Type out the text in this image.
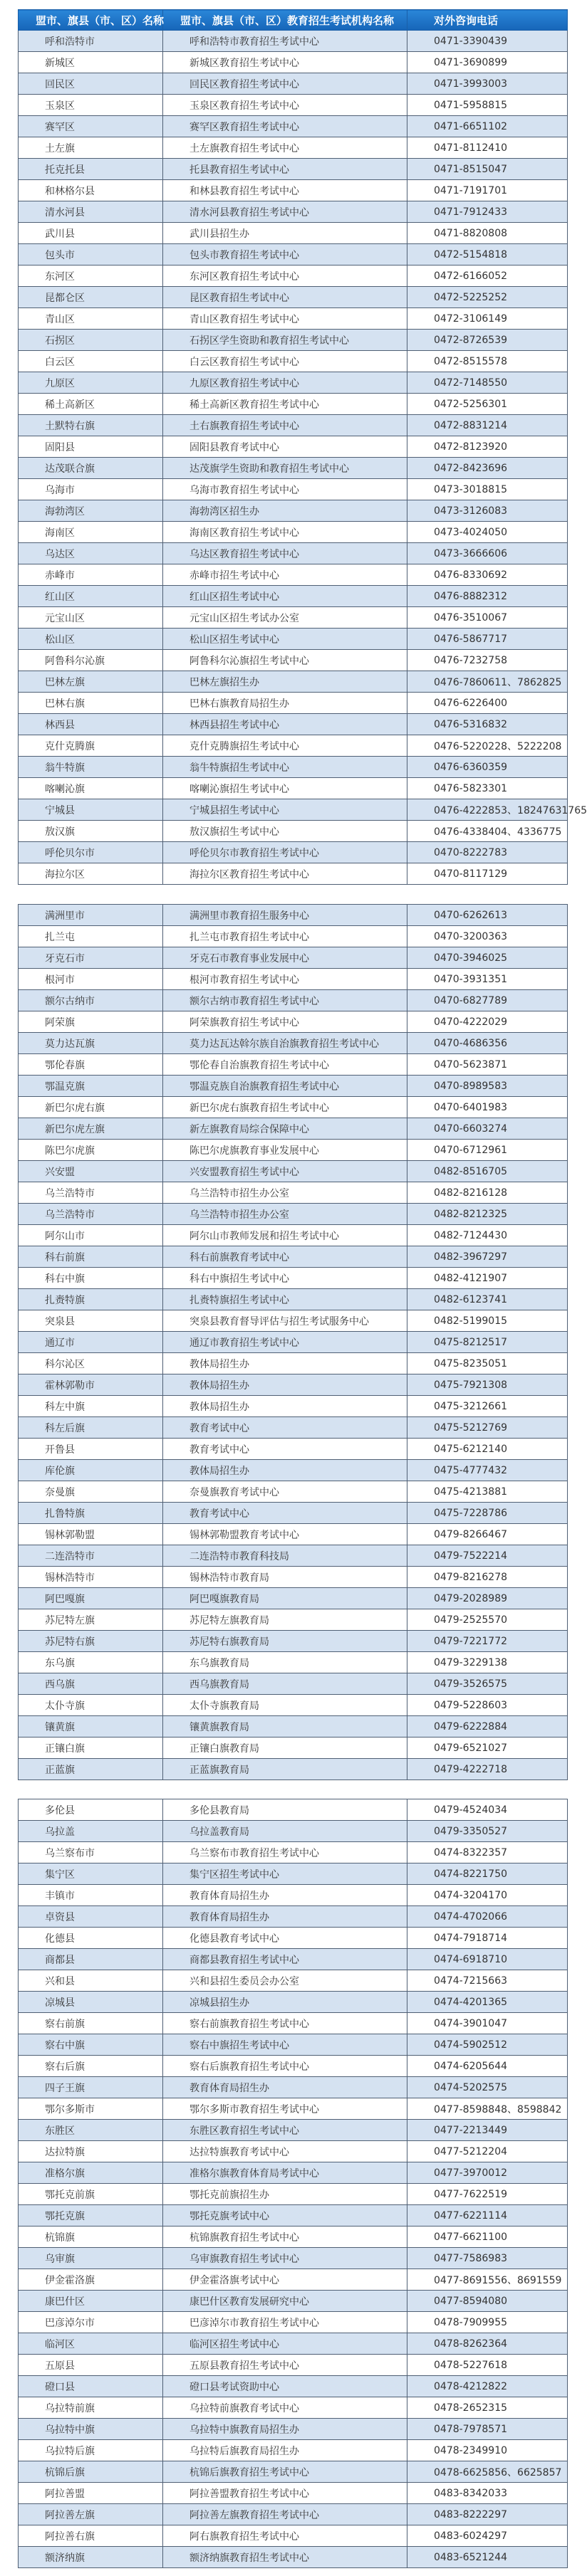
盟市、旗县（市、区）名称	盟市、旗县（市、区）教育招生考试机构名称	对外咨询电话
呼和浩特市	呼和浩特市教育招生考试中心	0471-3390439
新城区	新城区教育招生考试中心	0471-3690899
回民区	回民区教育招生考试中心	0471-3993003
玉泉区	玉泉区教育招生考试中心	0471-5958815
赛罕区	赛罕区教育招生考试中心	0471-6651102
土左旗	土左旗教育招生考试中心	0471-8112410
托克托县	托县教育招生考试中心	0471-8515047
和林格尔县	和林县教育招生考试中心	0471-7191701
清水河县	清水河县教育招生考试中心	0471-7912433
武川县	武川县招生办	0471-8820808
包头市	包头市教育招生考试中心	0472-5154818
东河区	东河区教育招生考试中心	0472-6166052
昆都仑区	昆区教育招生考试中心	0472-5225252
青山区	青山区教育招生考试中心	0472-3106149
石拐区	石拐区学生资助和教育招生考试中心	0472-8726539
白云区	白云区教育招生考试中心	0472-8515578
九原区	九原区教育招生考试中心	0472-7148550
稀土高新区	稀土高新区教育招生考试中心	0472-5256301
土默特右旗	土右旗教育招生考试中心	0472-8831214
固阳县	固阳县教育考试中心	0472-8123920
达茂联合旗	达茂旗学生资助和教育招生考试中心	0472-8423696
乌海市	乌海市教育招生考试中心	0473-3018815
海勃湾区	海勃湾区招生办	0473-3126083
海南区	海南区教育招生考试中心	0473-4024050
乌达区	乌达区教育招生考试中心	0473-3666606
赤峰市	赤峰市招生考试中心	0476-8330692
红山区	红山区招生考试中心	0476-8882312
元宝山区	元宝山区招生考试办公室	0476-3510067
松山区	松山区招生考试中心	0476-5867717
阿鲁科尔沁旗	阿鲁科尔沁旗招生考试中心	0476-7232758
巴林左旗	巴林左旗招生办	0476-7860611、7862825
巴林右旗	巴林右旗教育局招生办	0476-6226400
林西县	林西县招生考试中心	0476-5316832
克什克腾旗	克什克腾旗招生考试中心	0476-5220228、5222208
翁牛特旗	翁牛特旗招生考试中心	0476-6360359
喀喇沁旗	喀喇沁旗招生考试中心	0476-5823301
宁城县	宁城县招生考试中心	0476-4222853、18247631765
敖汉旗	敖汉旗招生考试中心	0476-4338404、4336775
呼伦贝尔市	呼伦贝尔市教育招生考试中心	0470-8222783
海拉尔区	海拉尔区教育招生考试中心	0470-8117129
满洲里市	满洲里市教育招生服务中心	0470-6262613
扎兰屯	扎兰屯市教育招生考试中心	0470-3200363
牙克石市	牙克石市教育事业发展中心	0470-3946025
根河市	根河市教育招生考试中心	0470-3931351
额尔古纳市	额尔古纳市教育招生考试中心	0470-6827789
阿荣旗	阿荣旗教育招生考试中心	0470-4222029
莫力达瓦旗	莫力达瓦达斡尔族自治旗教育招生考试中心	0470-4686356
鄂伦春旗	鄂伦春自治旗教育招生考试中心	0470-5623871
鄂温克旗	鄂温克族自治旗教育招生考试中心	0470-8989583
新巴尔虎右旗	新巴尔虎右旗教育招生考试中心	0470-6401983
新巴尔虎左旗	新左旗教育局综合保障中心	0470-6603274
陈巴尔虎旗	陈巴尔虎旗教育事业发展中心	0470-6712961
兴安盟	兴安盟教育招生考试中心	0482-8516705
乌兰浩特市	乌兰浩特市招生办公室	0482-8216128
乌兰浩特市	乌兰浩特市招生办公室	0482-8212325
阿尔山市	阿尔山市教师发展和招生考试中心	0482-7124430
科右前旗	科右前旗教育考试中心	0482-3967297
科右中旗	科右中旗招生考试中心	0482-4121907
扎赉特旗	扎赉特旗招生考试中心	0482-6123741
突泉县	突泉县教育督导评估与招生考试服务中心	0482-5199015
通辽市	通辽市教育招生考试中心	0475-8212517
科尔沁区	教体局招生办	0475-8235051
霍林郭勒市	教体局招生办	0475-7921308
科左中旗	教体局招生办	0475-3212661
科左后旗	教育考试中心	0475-5212769
开鲁县	教育考试中心	0475-6212140
库伦旗	教体局招生办	0475-4777432
奈曼旗	奈曼旗教育考试中心	0475-4213881
扎鲁特旗	教育考试中心	0475-7228786
锡林郭勒盟	锡林郭勒盟教育考试中心	0479-8266467
二连浩特市	二连浩特市教育科技局	0479-7522214
锡林浩特市	锡林浩特市教育局	0479-8216278
阿巴嘎旗	阿巴嘎旗教育局	0479-2028989
苏尼特左旗	苏尼特左旗教育局	0479-2525570
苏尼特右旗	苏尼特右旗教育局	0479-7221772
东乌旗	东乌旗教育局	0479-3229138
西乌旗	西乌旗教育局	0479-3526575
太仆寺旗	太仆寺旗教育局	0479-5228603
镶黄旗	镶黄旗教育局	0479-6222884
正镶白旗	正镶白旗教育局	0479-6521027
正蓝旗	正蓝旗教育局	0479-4222718
多伦县	多伦县教育局	0479-4524034
乌拉盖	乌拉盖教育局	0479-3350527
乌兰察布市	乌兰察布市教育招生考试中心	0474-8322357
集宁区	集宁区招生考试中心	0474-8221750
丰镇市	教育体育局招生办	0474-3204170
卓资县	教育体育局招生办	0474-4702066
化德县	化德县教育考试中心	0474-7918714
商都县	商都县教育招生考试中心	0474-6918710
兴和县	兴和县招生委员会办公室	0474-7215663
凉城县	凉城县招生办	0474-4201365
察右前旗	察右前旗教育招生考试中心	0474-3901047
察右中旗	察右中旗招生考试中心	0474-5902512
察右后旗	察右后旗教育招生考试中心	0474-6205644
四子王旗	教育体育局招生办	0474-5202575
鄂尔多斯市	鄂尔多斯市教育招生考试中心	0477-8598848、8598842
东胜区	东胜区教育招生考试中心	0477-2213449
达拉特旗	达拉特旗教育考试中心	0477-5212204
准格尔旗	准格尔旗教育体育局考试中心	0477-3970012
鄂托克前旗	鄂托克前旗招生办	0477-7622519
鄂托克旗	鄂托克旗考试中心	0477-6221114
杭锦旗	杭锦旗教育招生考试中心	0477-6621100
乌审旗	乌审旗教育招生考试中心	0477-7586983
伊金霍洛旗	伊金霍洛旗考试中心	0477-8691556、8691559
康巴什区	康巴什区教育发展研究中心	0477-8594080
巴彦淖尔市	巴彦淖尔市教育招生考试中心	0478-7909955
临河区	临河区招生考试中心	0478-8262364
五原县	五原县教育招生考试中心	0478-5227618
磴口县	磴口县考试资助中心	0478-4212822
乌拉特前旗	乌拉特前旗教育考试中心	0478-2652315
乌拉特中旗	乌拉特中旗教育局招生办	0478-7978571
乌拉特后旗	乌拉特后旗教育局招生办	0478-2349910
杭锦后旗	杭锦后旗教育招生考试中心	0478-6625856、6625857
阿拉善盟	阿拉善盟教育招生考试中心	0483-8342033
阿拉善左旗	阿拉善左旗教育招生考试中心	0483-8222297
阿拉善右旗	阿右旗教育招生考试中心	0483-6024297
额济纳旗	额济纳旗教育招生考试中心	0483-6521244
